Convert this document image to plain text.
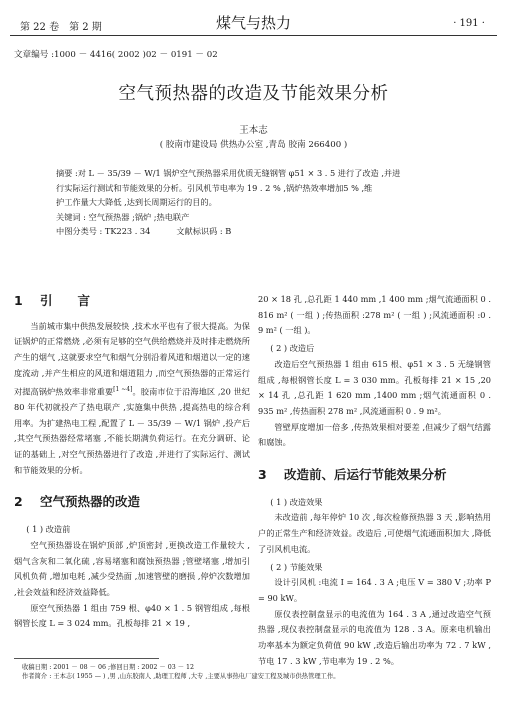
第 22 卷　第 2 期	煤气与热力	· 191 ·
文章编号 :1000 － 4416( 2002 )02 － 0191 － 02
空气预热器的改造及节能效果分析
王本志
( 胶南市建设局 供热办公室 ,青岛 胶南 266400 )

摘要 :对 L － 35/39 － W/1 锅炉空气预热器采用优质无缝钢管 φ51 × 3 . 5 进行了改造 ,并进

行实际运行测试和节能效果的分析。引风机节电率为 19 . 2 % ,锅炉热效率增加5 % ,维

护工作量大大降低 ,达到长周期运行的目的。

关键词 : 空气预热器 ;锅炉 ;热电联产

中图分类号 : TK223 . 34	文献标识码 : B

1 引　　言

当前城市集中供热发展较快 ,技术水平也有了很大提高。为保证锅炉的正常燃烧 ,必须有足够的空气供给燃烧并及时排走燃烧所产生的烟气 ,这就要求空气和烟气分别沿着风道和烟道以一定的速度流动 ,并产生相应的风道和烟道阻力 ,而空气预热器的正常运行对提高锅炉热效率非常重要[1 ~4]。胶南市位于沿海地区 ,20 世纪 80 年代初就投产了热电联产 ,实施集中供热 ,提高热电的综合利用率。为扩建热电工程 ,配置了 L － 35/39 － W/1 锅炉 ,投产后 ,其空气预热器经常堵塞 ,不能长期满负荷运行。在充分调研、论证的基础上 ,对空气预热器进行了改造 ,并进行了实际运行、测试和节能效果的分析。

2 空气预热器的改造

( 1 ) 改造前

空气预热器设在锅炉顶部 ,炉顶密封 ,更换改造工作量较大 ,烟气含灰和二氧化硫 ,容易堵塞和腐蚀预热器 ;管壁堵塞 ,增加引风机负荷 ,增加电耗 ,减少受热面 ,加速管壁的磨损 ,停炉次数增加 ,社会效益和经济效益降低。

原空气预热器 1 组由 759 根、φ40 × 1 . 5 钢管组成 ,每根钢管长度 L = 3 024 mm。孔板每排 21 × 19 ,

20 × 18 孔 ,总孔距 1 440 mm ,1 400 mm ;烟气流通面积 0 . 816 m² ( 一组 ) ;传热面积 :278 m² ( 一组 ) ;风流通面积 :0 . 9 m² ( 一组 )。

( 2 ) 改造后

改造后空气预热器 1 组由 615 根、φ51 × 3 . 5 无缝钢管组成 ,每根钢管长度 L = 3 030 mm。孔板每排 21 × 15 ,20 × 14 孔 ,总孔距 1 620 mm ,1400 mm ;烟气流通面积 0 . 935 m² ,传热面积 278 m² ,风流通面积 0 . 9 m²。

管壁厚度增加一倍多 ,传热效果相对要差 ,但减少了烟气结露和腐蚀。

3 改造前、后运行节能效果分析

( 1 ) 改造效果

未改造前 ,每年停炉 10 次 ,每次检修预热器 3 天 ,影响热用户的正常生产和经济效益。改造后 ,可使烟气流通面积加大 ,降低了引风机电流。

( 2 ) 节能效果

设计引风机 :电流 I = 164 . 3 A ;电压 V = 380 V ;功率 P = 90 kW。

原仪表控制盘显示的电流值为 164 . 3 A ,通过改造空气预热器 ,现仪表控制盘显示的电流值为 128 . 3 A。原来电机输出功率基本为额定负荷值 90 kW ,改造后输出功率为 72 . 7 kW ,节电 17 . 3 kW ,节电率为 19 . 2 %。

收稿日期 : 2001 － 08 － 06 ;修回日期 : 2002 － 03 － 12
作者简介 : 王本志( 1955 — ) ,男 ,山东胶南人 ,助理工程师 ,大专 ,主要从事热电厂建安工程及城市供热管理工作。
